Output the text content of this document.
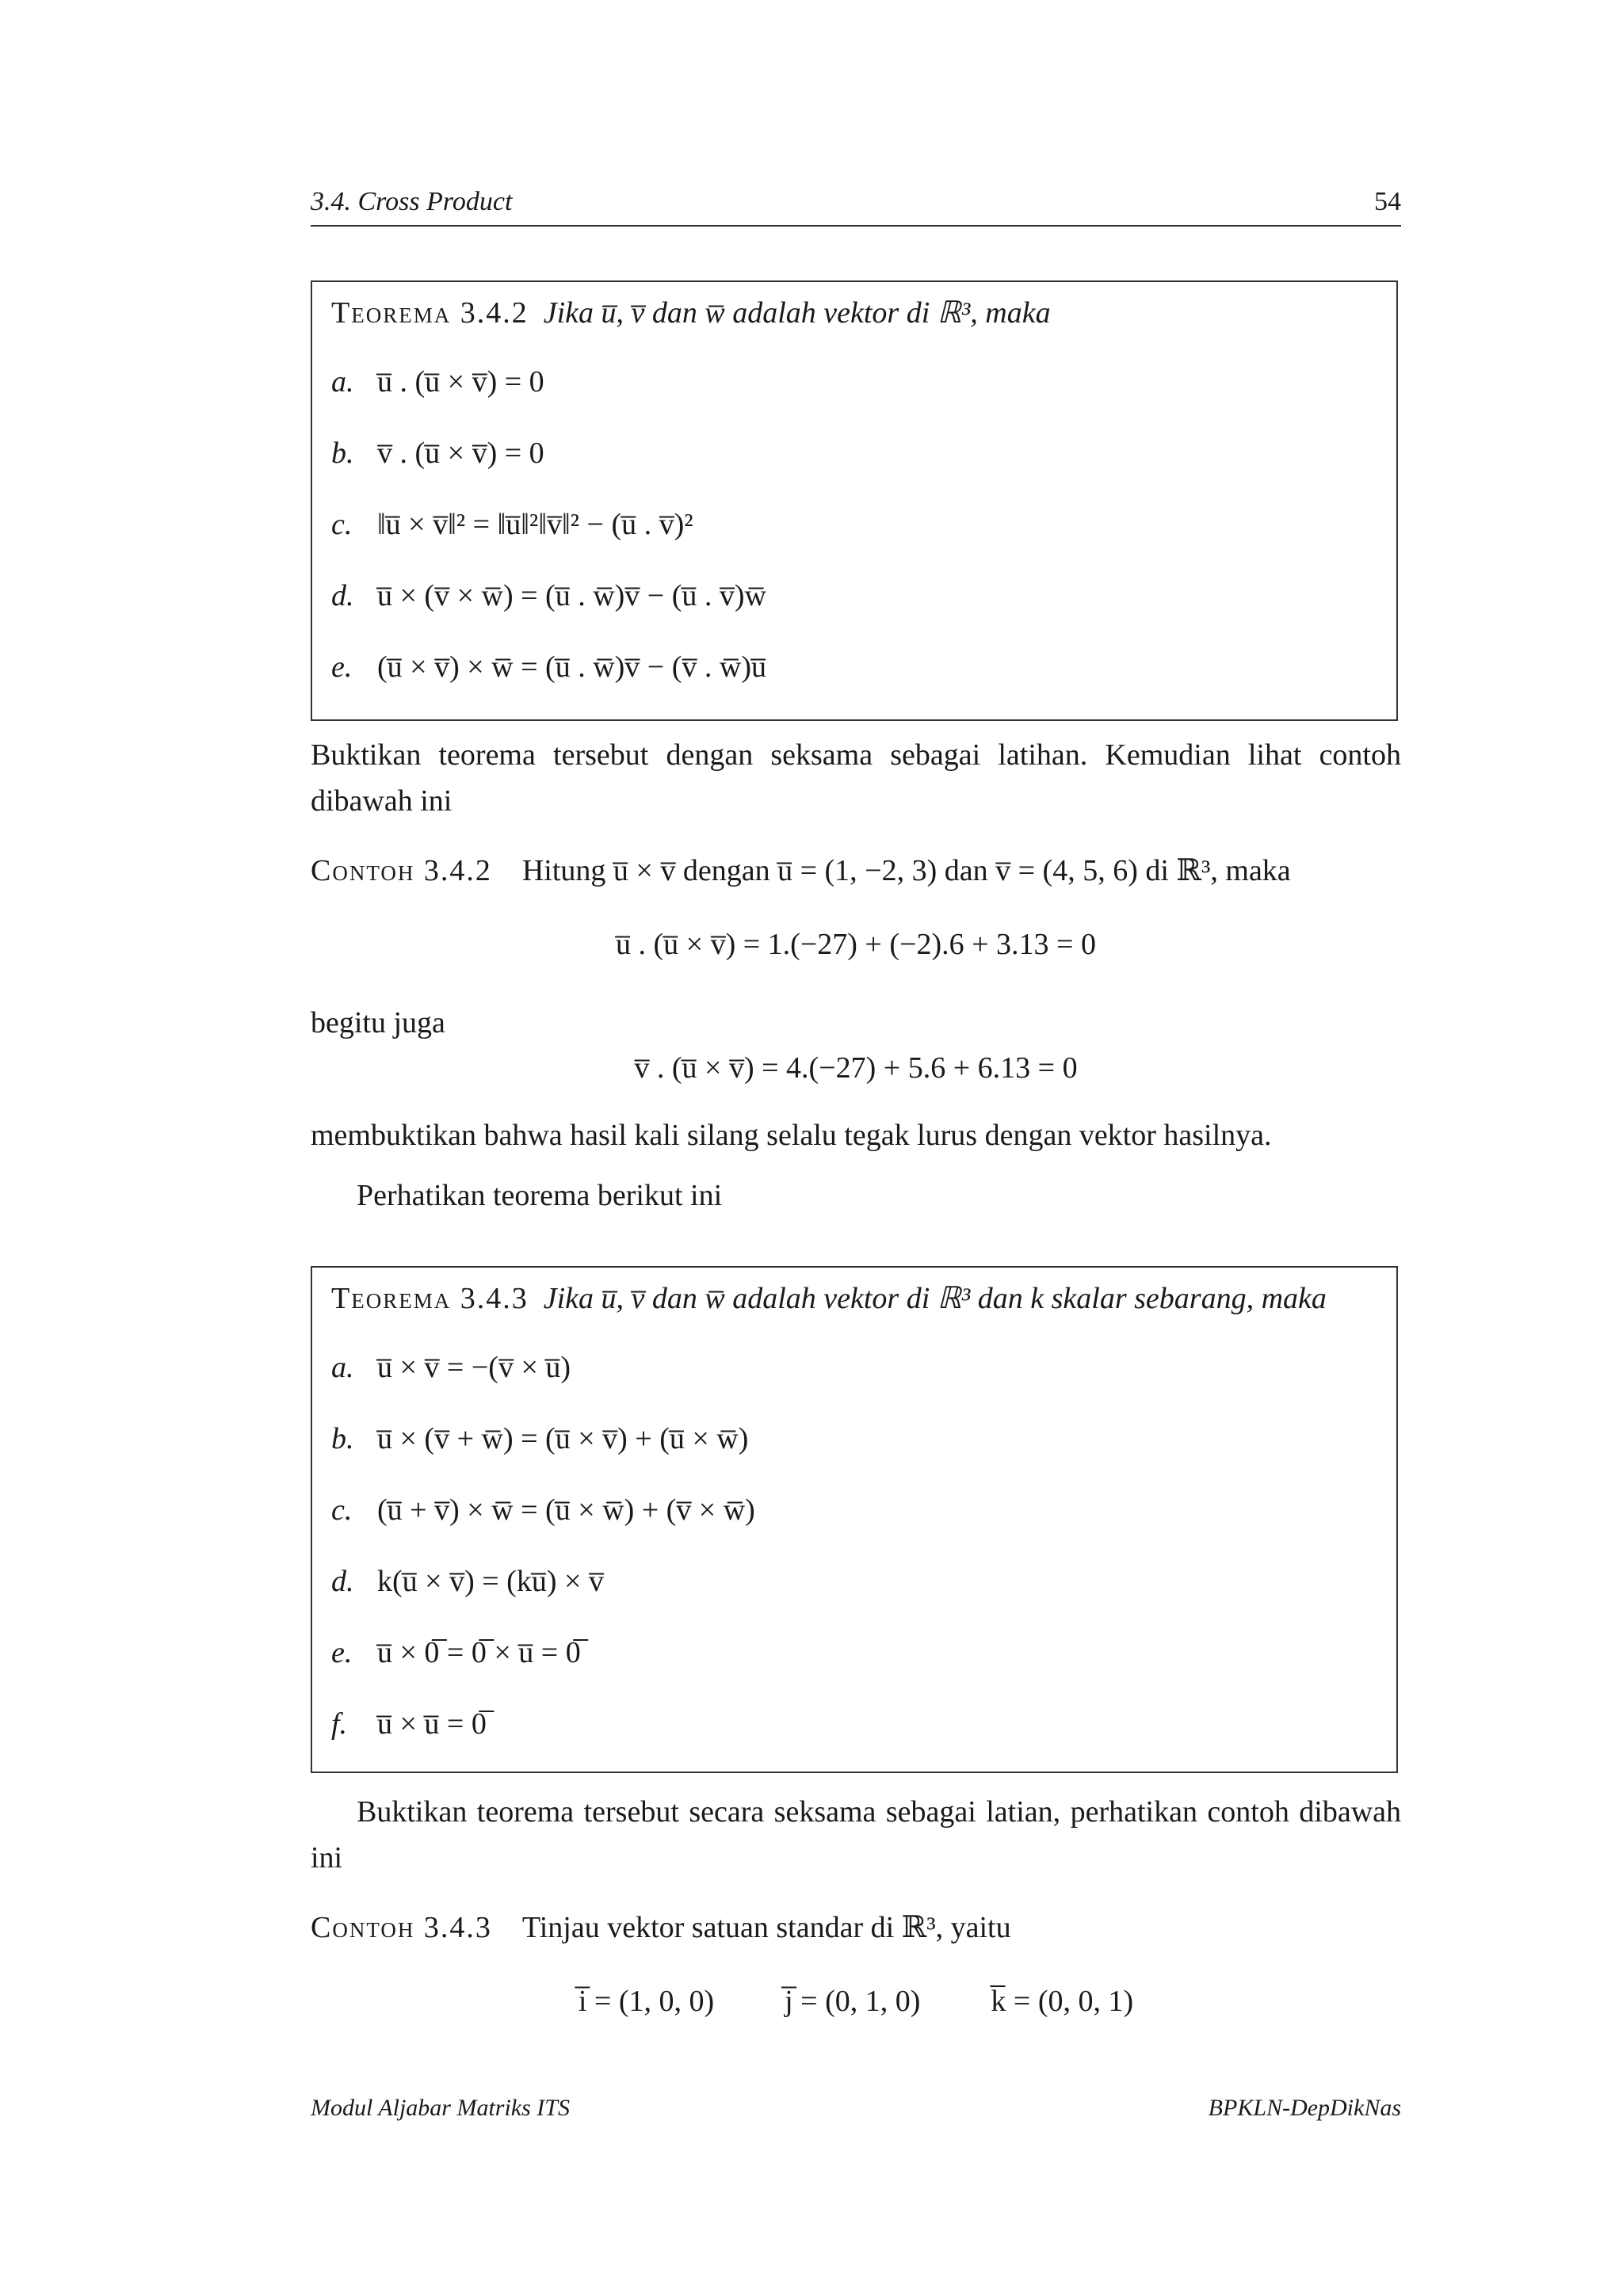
3.4. Cross Product	54
Teorema 3.4.2 Jika u̅, v̅ dan w̅ adalah vektor di ℝ³, maka
a. u̅ . (u̅ × v̅) = 0
b. v̅ . (u̅ × v̅) = 0
c. ‖u̅ × v̅‖² = ‖u̅‖²‖v̅‖² − (u̅ . v̅)²
d. u̅ × (v̅ × w̅) = (u̅ . w̅)v̅ − (u̅ . v̅)w̅
e. (u̅ × v̅) × w̅ = (u̅ . w̅)v̅ − (v̅ . w̅)u̅
Buktikan teorema tersebut dengan seksama sebagai latihan. Kemudian lihat contoh dibawah ini
Contoh 3.4.2 Hitung u̅ × v̅ dengan u̅ = (1, −2, 3) dan v̅ = (4, 5, 6) di ℝ³, maka
u̅ . (u̅ × v̅) = 1.(−27) + (−2).6 + 3.13 = 0
begitu juga
v̅ . (u̅ × v̅) = 4.(−27) + 5.6 + 6.13 = 0
membuktikan bahwa hasil kali silang selalu tegak lurus dengan vektor hasilnya.
Perhatikan teorema berikut ini
Teorema 3.4.3 Jika u̅, v̅ dan w̅ adalah vektor di ℝ³ dan k skalar sebarang, maka
a. u̅ × v̅ = −(v̅ × u̅)
b. u̅ × (v̅ + w̅) = (u̅ × v̅) + (u̅ × w̅)
c. (u̅ + v̅) × w̅ = (u̅ × w̅) + (v̅ × w̅)
d. k(u̅ × v̅) = (ku̅) × v̅
e. u̅ × 0̅ = 0̅ × u̅ = 0̅
f. u̅ × u̅ = 0̅
Buktikan teorema tersebut secara seksama sebagai latian, perhatikan contoh dibawah ini
Contoh 3.4.3 Tinjau vektor satuan standar di ℝ³, yaitu
i̅ = (1, 0, 0) j̅ = (0, 1, 0) k̅ = (0, 0, 1)
Modul Aljabar Matriks ITS	BPKLN-DepDikNas
